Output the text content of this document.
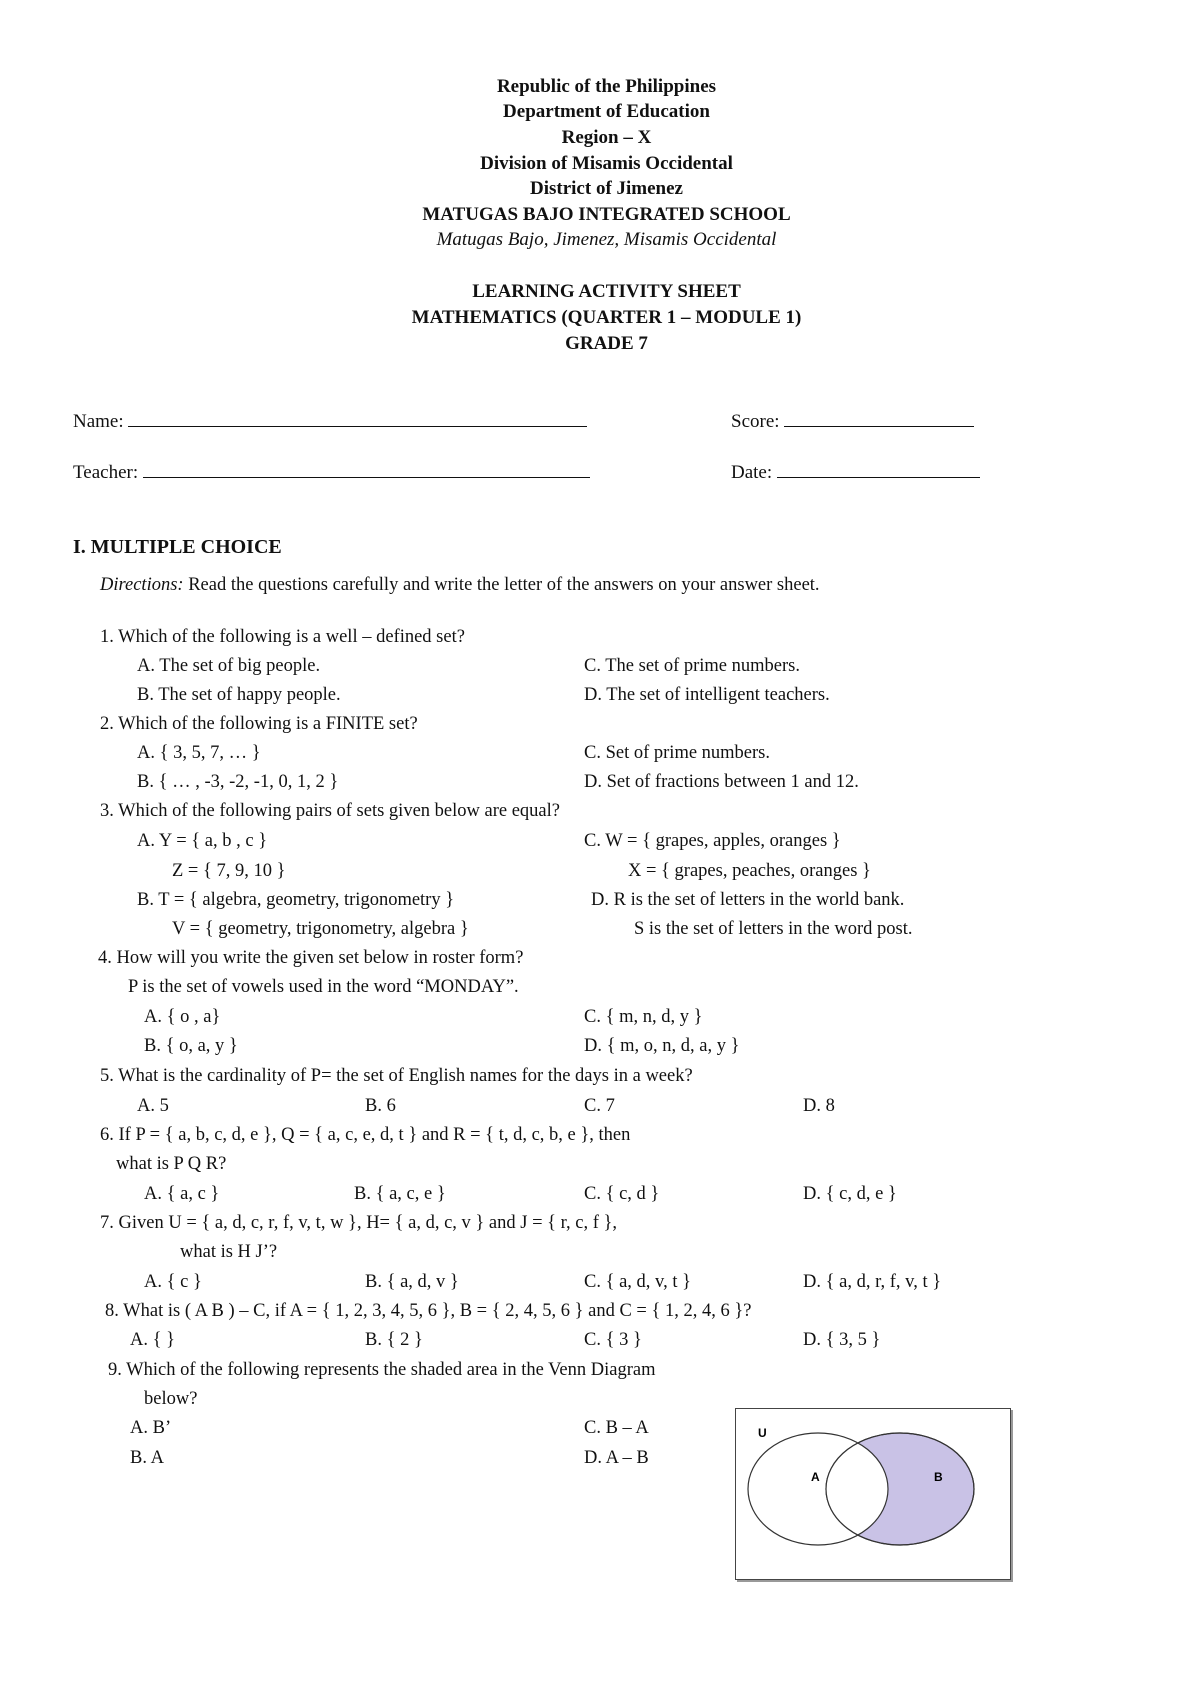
Republic of the Philippines
Department of Education
Region – X
Division of Misamis Occidental
District of Jimenez
MATUGAS BAJO INTEGRATED SCHOOL
Matugas Bajo, Jimenez, Misamis Occidental
LEARNING ACTIVITY SHEET
MATHEMATICS (QUARTER 1 – MODULE 1)
GRADE 7
Name:	Score:
Teacher:	Date:
I. MULTIPLE CHOICE
Directions: Read the questions carefully and write the letter of the answers on your answer sheet.
1. Which of the following is a well – defined set?
A. The set of big people.	C. The set of prime numbers.
B. The set of happy people.	D. The set of intelligent teachers.
2. Which of the following is a FINITE set?
A. { 3, 5, 7, … }	C. Set of prime numbers.
B. { … , -3, -2, -1, 0, 1, 2 }	D. Set of fractions between 1 and 12.
3. Which of the following pairs of sets given below are equal?
A. Y = { a, b , c }
Z = { 7, 9, 10 }
C. W = { grapes, apples, oranges }
X = { grapes, peaches, oranges }
B. T = { algebra, geometry, trigonometry }
V = { geometry, trigonometry, algebra }
D. R is the set of letters in the world bank.
S is the set of letters in the word post.
4. How will you write the given set below in roster form?
P is the set of vowels used in the word “MONDAY”.
A. { o , a}	C. { m, n, d, y }
B. { o, a, y }	D. { m, o, n, d, a, y }
5. What is the cardinality of P= the set of English names for the days in a week?
A. 5	B. 6	C. 7	D. 8
6. If P = { a, b, c, d, e }, Q = { a, c, e, d, t } and R = { t, d, c, b, e }, then
what is P Q R?
A. { a, c }	B. { a, c, e }	C. { c, d }	D. { c, d, e }
7. Given U = { a, d, c, r, f, v, t, w }, H= { a, d, c, v } and J = { r, c, f },
what is H J’?
A. { c }	B. { a, d, v }	C. { a, d, v, t }	D. { a, d, r, f, v, t }
8. What is ( A B ) – C, if A = { 1, 2, 3, 4, 5, 6 }, B = { 2, 4, 5, 6 } and C = { 1, 2, 4, 6 }?
A. { }	B. { 2 }	C. { 3 }	D. { 3, 5 }
9. Which of the following represents the shaded area in the Venn Diagram
below?
A. B’	C. B – A
B. A	D. A – B
U
A	B
